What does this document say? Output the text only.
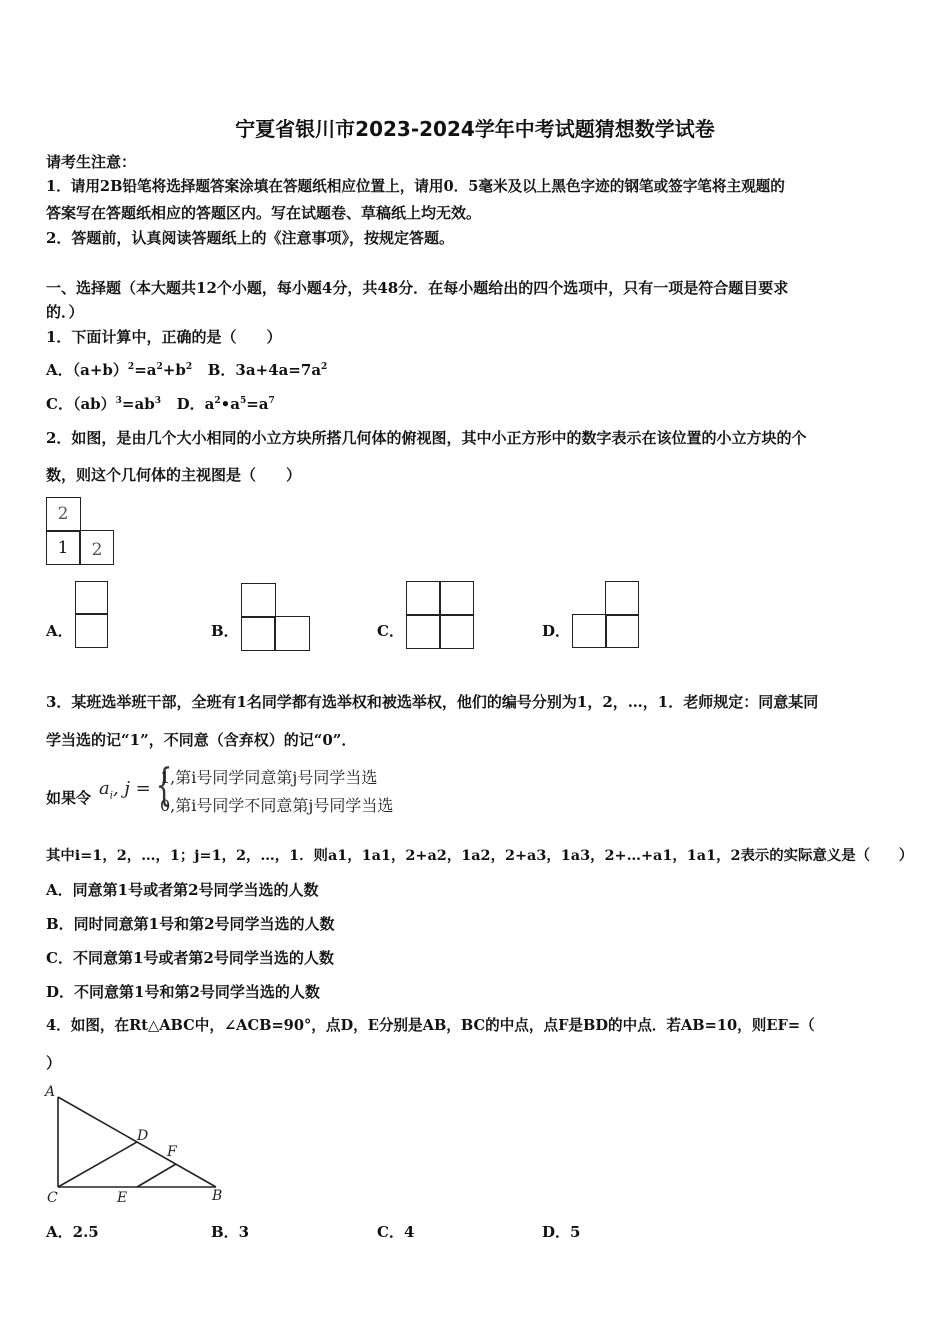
宁夏省银川市2023-2024学年中考试题猜想数学试卷
请考生注意：
1．请用2B铅笔将选择题答案涂填在答题纸相应位置上，请用0．5毫米及以上黑色字迹的钢笔或签字笔将主观题的
答案写在答题纸相应的答题区内。写在试题卷、草稿纸上均无效。
2．答题前，认真阅读答题纸上的《注意事项》，按规定答题。
一、选择题（本大题共12个小题，每小题4分，共48分．在每小题给出的四个选项中，只有一项是符合题目要求
的．）
1．下面计算中，正确的是（　　）
A．$(a+b)^2=a^2+b^2$ B．$3a+4a=7a^2$
C．$(ab)^3=ab^3$ D．$a^2•a^5=a^7$
2．如图，是由几个大小相同的小立方块所搭几何体的俯视图，其中小正方形中的数字表示在该位置的小立方块的个
数，则这个几何体的主视图是（　　）
2
1	2
A．	B．	C．	D．
3．某班选举班干部，全班有1名同学都有选举权和被选举权，他们的编号分别为1，2，…，1．老师规定：同意某同
学当选的记“1”，不同意（含弃权）的记“0”．
如果令 $a_i$, j = {
1,第i号同学同意第j号同学当选
0,第i号同学不同意第j号同学当选
其中i=1，2，…，1；j=1，2，…，1．则a1，1a1，2+a2，1a2，2+a3，1a3，2+…+a1，1a1，2表示的实际意义是（　　）
A．同意第1号或者第2号同学当选的人数
B．同时同意第1号和第2号同学当选的人数
C．不同意第1号或者第2号同学当选的人数
D．不同意第1号和第2号同学当选的人数
4．如图，在Rt△ABC中，∠ACB=90°，点D，E分别是AB，BC的中点，点F是BD的中点．若AB=10，则EF=（
）
A
D
F
C	E	B
A．2.5	B．3	C．4	D．5
